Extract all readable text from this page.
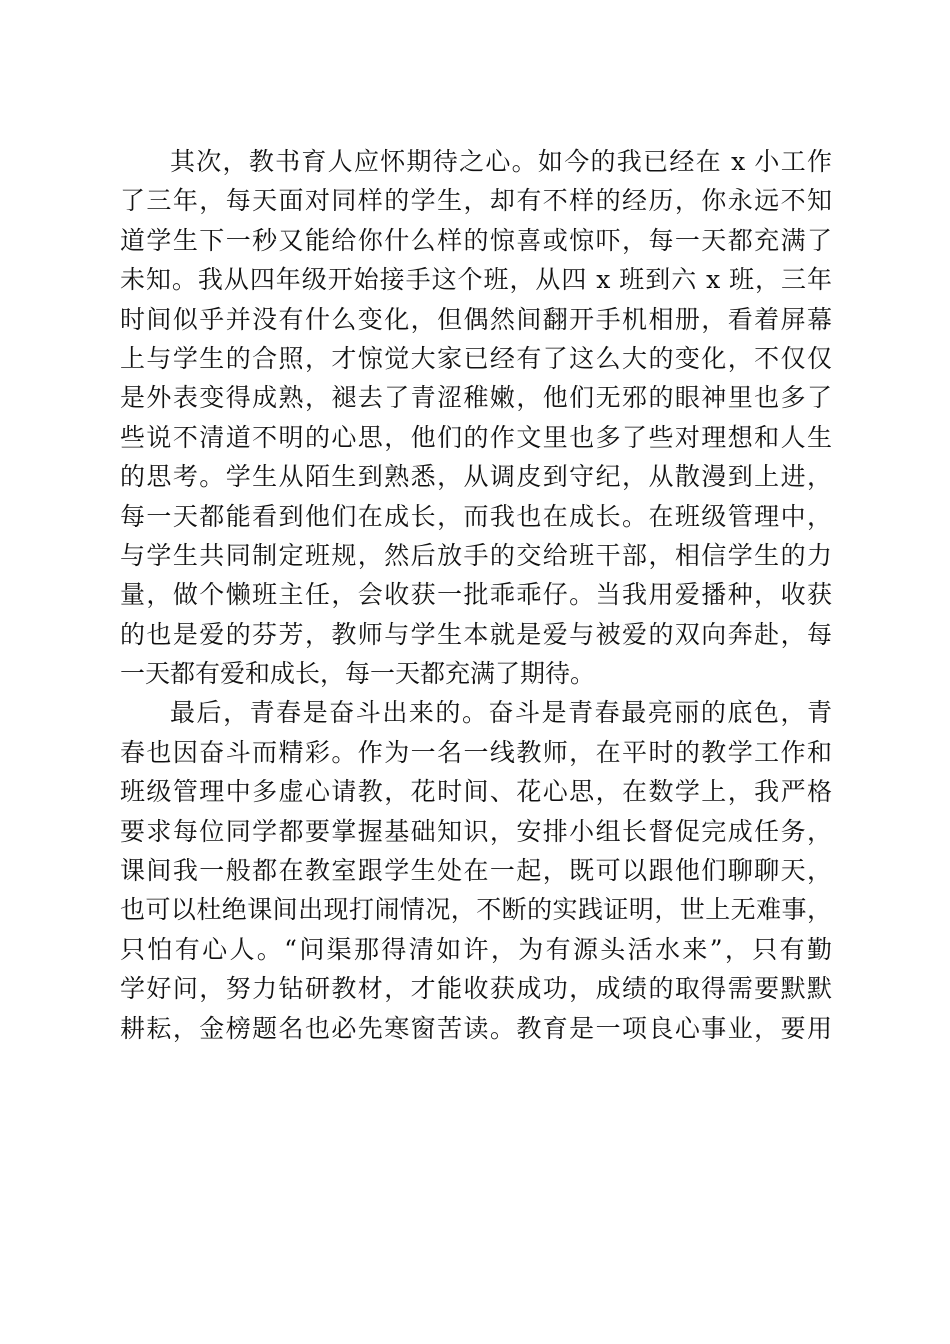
其次，教书育人应怀期待之心。如今的我已经在 x 小工作
了三年，每天面对同样的学生，却有不样的经历，你永远不知
道学生下一秒又能给你什么样的惊喜或惊吓，每一天都充满了
未知。我从四年级开始接手这个班，从四 x 班到六 x 班，三年
时间似乎并没有什么变化，但偶然间翻开手机相册，看着屏幕
上与学生的合照，才惊觉大家已经有了这么大的变化，不仅仅
是外表变得成熟，褪去了青涩稚嫩，他们无邪的眼神里也多了
些说不清道不明的心思，他们的作文里也多了些对理想和人生
的思考。学生从陌生到熟悉，从调皮到守纪，从散漫到上进，
每一天都能看到他们在成长，而我也在成长。在班级管理中，
与学生共同制定班规，然后放手的交给班干部，相信学生的力
量，做个懒班主任，会收获一批乖乖仔。当我用爱播种，收获
的也是爱的芬芳，教师与学生本就是爱与被爱的双向奔赴，每
一天都有爱和成长，每一天都充满了期待。
最后，青春是奋斗出来的。奋斗是青春最亮丽的底色，青
春也因奋斗而精彩。作为一名一线教师，在平时的教学工作和
班级管理中多虚心请教，花时间、花心思，在数学上，我严格
要求每位同学都要掌握基础知识，安排小组长督促完成任务，
课间我一般都在教室跟学生处在一起，既可以跟他们聊聊天，
也可以杜绝课间出现打闹情况，不断的实践证明，世上无难事，
只怕有心人。“问渠那得清如许，为有源头活水来”，只有勤
学好问，努力钻研教材，才能收获成功，成绩的取得需要默默
耕耘，金榜题名也必先寒窗苦读。教育是一项良心事业，要用
